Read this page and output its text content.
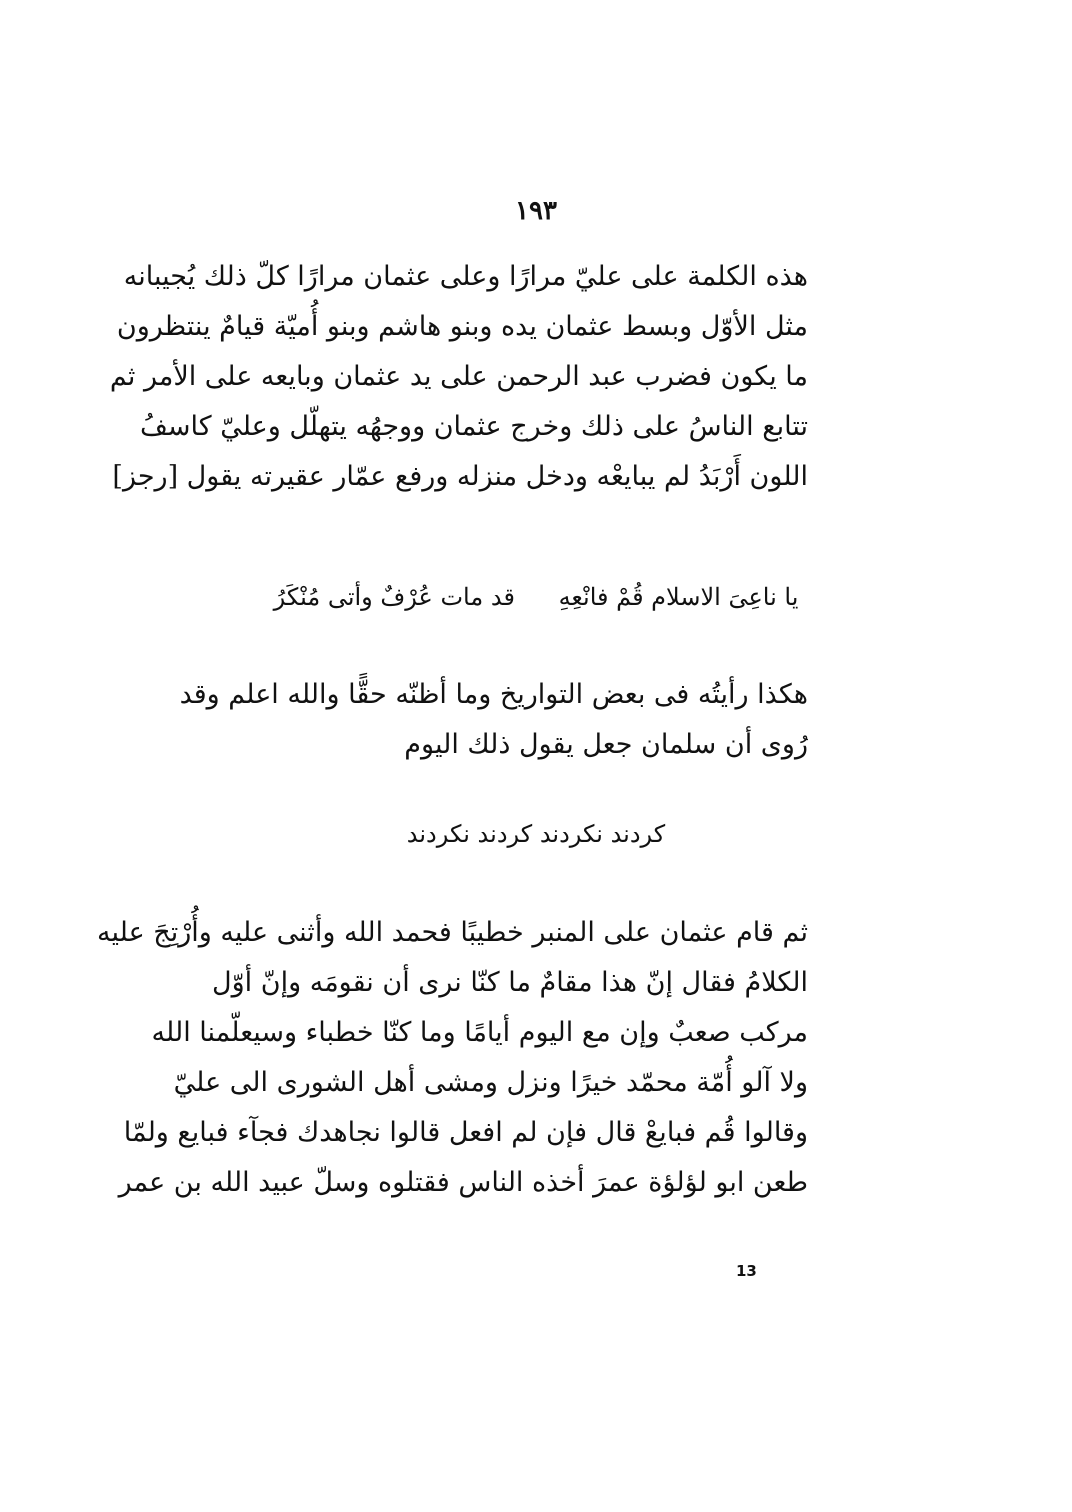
١٩٣
هذه الكلمة على عليّ مرارًا وعلى عثمان مرارًا كلّ ذلك يُجيبانه
مثل الأوّل وبسط عثمان يده وبنو هاشم وبنو أُميّة قيامٌ ينتظرون
ما يكون فضرب عبد الرحمن على يد عثمان وبايعه على الأمر ثم
تتابع الناسُ على ذلك وخرج عثمان ووجهُه يتهلّل وعليّ كاسفُ
اللون أَرْبَدُ لم يبايعْه ودخل منزله ورفع عمّار عقيرته يقول [رجز]
يا ناعِىَ الاسلام قُمْ فانْعِهِ قد مات عُرْفٌ وأتى مُنْكَرُ
هكذا رأيتُه فى بعض التواريخ وما أظنّه حقًّا والله اعلم وقد
رُوى أن سلمان جعل يقول ذلك اليوم
كردند نكردند كردند نكردند
ثم قام عثمان على المنبر خطيبًا فحمد الله وأثنى عليه وأُرْتِجَ عليه
الكلامُ فقال إنّ هذا مقامٌ ما كنّا نرى أن نقومَه وإنّ أوّل
مركب صعبٌ وإن مع اليوم أيامًا وما كنّا خطباء وسيعلّمنا الله
ولا آلو أُمّة محمّد خيرًا ونزل ومشى أهل الشورى الى عليّ
وقالوا قُم فبايعْ قال فإن لم افعل قالوا نجاهدك فجآء فبايع ولمّا
طعن ابو لؤلؤة عمرَ أخذه الناس فقتلوه وسلّ عبيد الله بن عمر
13
